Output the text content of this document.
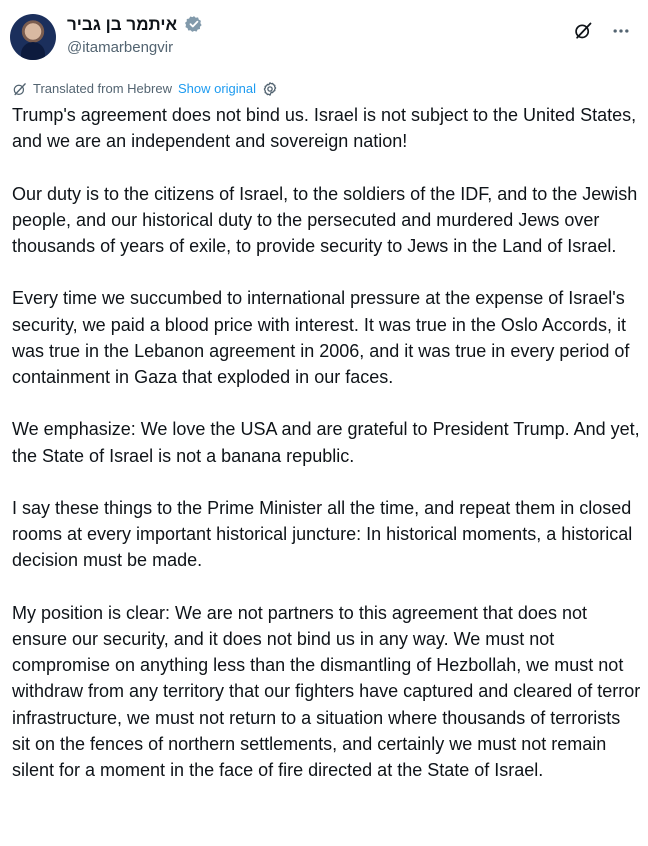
איתמר בן גביר
@itamarbengvir
Translated from Hebrew Show original

Trump's agreement does not bind us. Israel is not subject to the United States, and we are an independent and sovereign nation!

Our duty is to the citizens of Israel, to the soldiers of the IDF, and to the Jewish people, and our historical duty to the persecuted and murdered Jews over thousands of years of exile, to provide security to Jews in the Land of Israel.

Every time we succumbed to international pressure at the expense of Israel's security, we paid a blood price with interest. It was true in the Oslo Accords, it was true in the Lebanon agreement in 2006, and it was true in every period of containment in Gaza that exploded in our faces.

We emphasize: We love the USA and are grateful to President Trump. And yet, the State of Israel is not a banana republic.

I say these things to the Prime Minister all the time, and repeat them in closed rooms at every important historical juncture: In historical moments, a historical decision must be made.

My position is clear: We are not partners to this agreement that does not ensure our security, and it does not bind us in any way. We must not compromise on anything less than the dismantling of Hezbollah, we must not withdraw from any territory that our fighters have captured and cleared of terror infrastructure, we must not return to a situation where thousands of terrorists sit on the fences of northern settlements, and certainly we must not remain silent for a moment in the face of fire directed at the State of Israel.
